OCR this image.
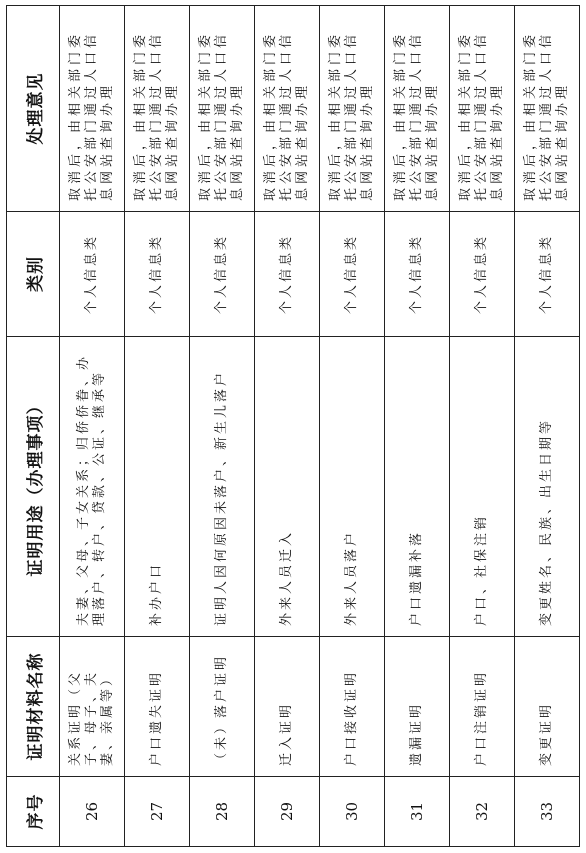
序号	证明材料名称	证明用途（办理事项）	类别	处理意见
26	关系证明（父子、母子、夫妻、亲属等）	夫妻、父母、子女关系；归侨侨眷、办理落户、转户、贷款、公证、继承等	个人信息类	取消后，由相关部门委托公安部门通过人口信息网站查询办理
27	户口遗失证明	补办户口	个人信息类	取消后，由相关部门委托公安部门通过人口信息网站查询办理
28	（未）落户证明	证明人因何原因未落户、新生儿落户	个人信息类	取消后，由相关部门委托公安部门通过人口信息网站查询办理
29	迁入证明	外来人员迁入	个人信息类	取消后，由相关部门委托公安部门通过人口信息网站查询办理
30	户口接收证明	外来人员落户	个人信息类	取消后，由相关部门委托公安部门通过人口信息网站查询办理
31	遗漏证明	户口遗漏补落	个人信息类	取消后，由相关部门委托公安部门通过人口信息网站查询办理
32	户口注销证明	户口、社保注销	个人信息类	取消后，由相关部门委托公安部门通过人口信息网站查询办理
33	变更证明	变更姓名、民族、出生日期等	个人信息类	取消后，由相关部门委托公安部门通过人口信息网站查询办理
